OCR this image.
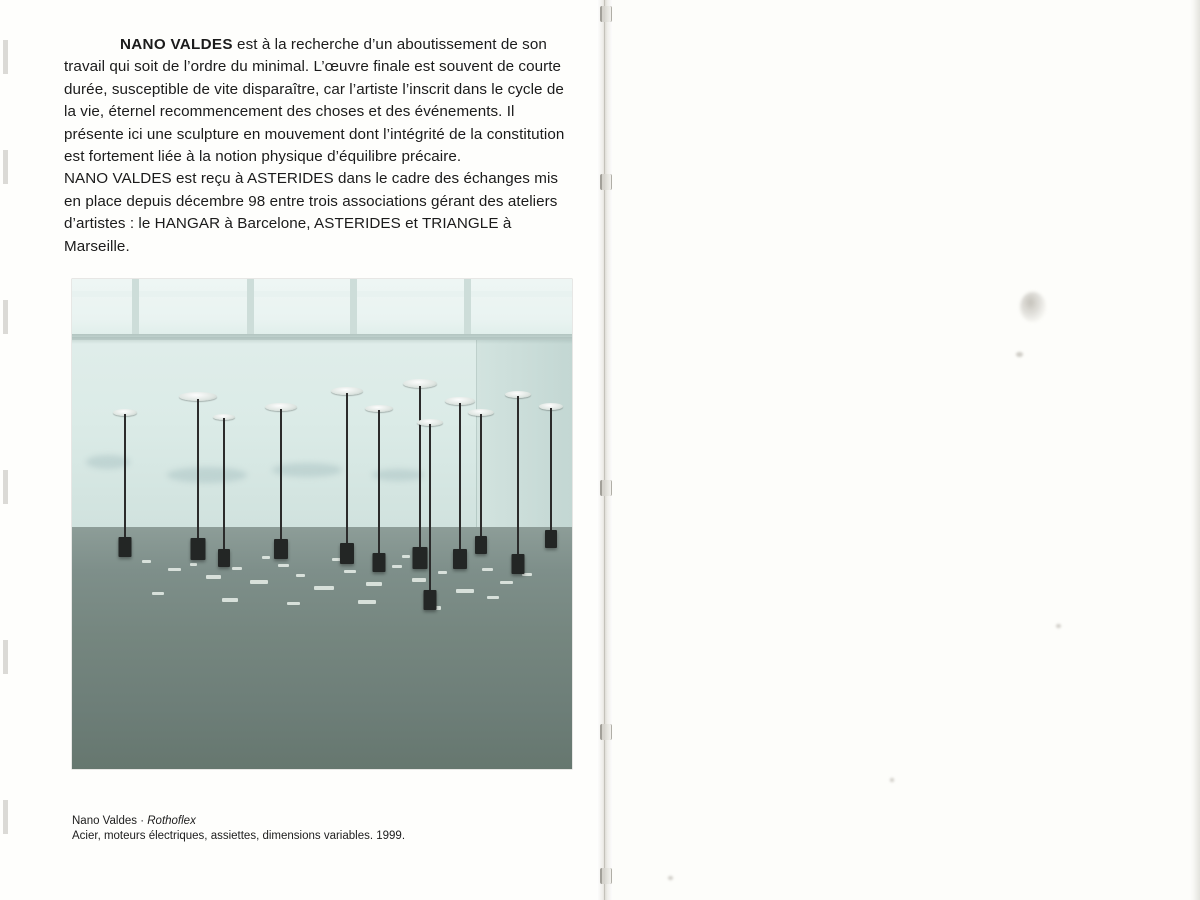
NANO VALDES est à la recherche d’un aboutissement de son travail qui soit de l’ordre du minimal. L’œuvre finale est souvent de courte durée, susceptible de vite disparaître, car l’artiste l’inscrit dans le cycle de la vie, éternel recommencement des choses et des événements. Il présente ici une sculpture en mouvement dont l’intégrité de la constitution est fortement liée à la notion physique d’équilibre précaire.

NANO VALDES est reçu à ASTERIDES dans le cadre des échanges mis en place depuis décembre 98 entre trois associations gérant des ateliers d’artistes : le HANGAR à Barcelone, ASTERIDES et TRIANGLE à Marseille.

Nano Valdes · Rothoflex
Acier, moteurs électriques, assiettes, dimensions variables. 1999.
